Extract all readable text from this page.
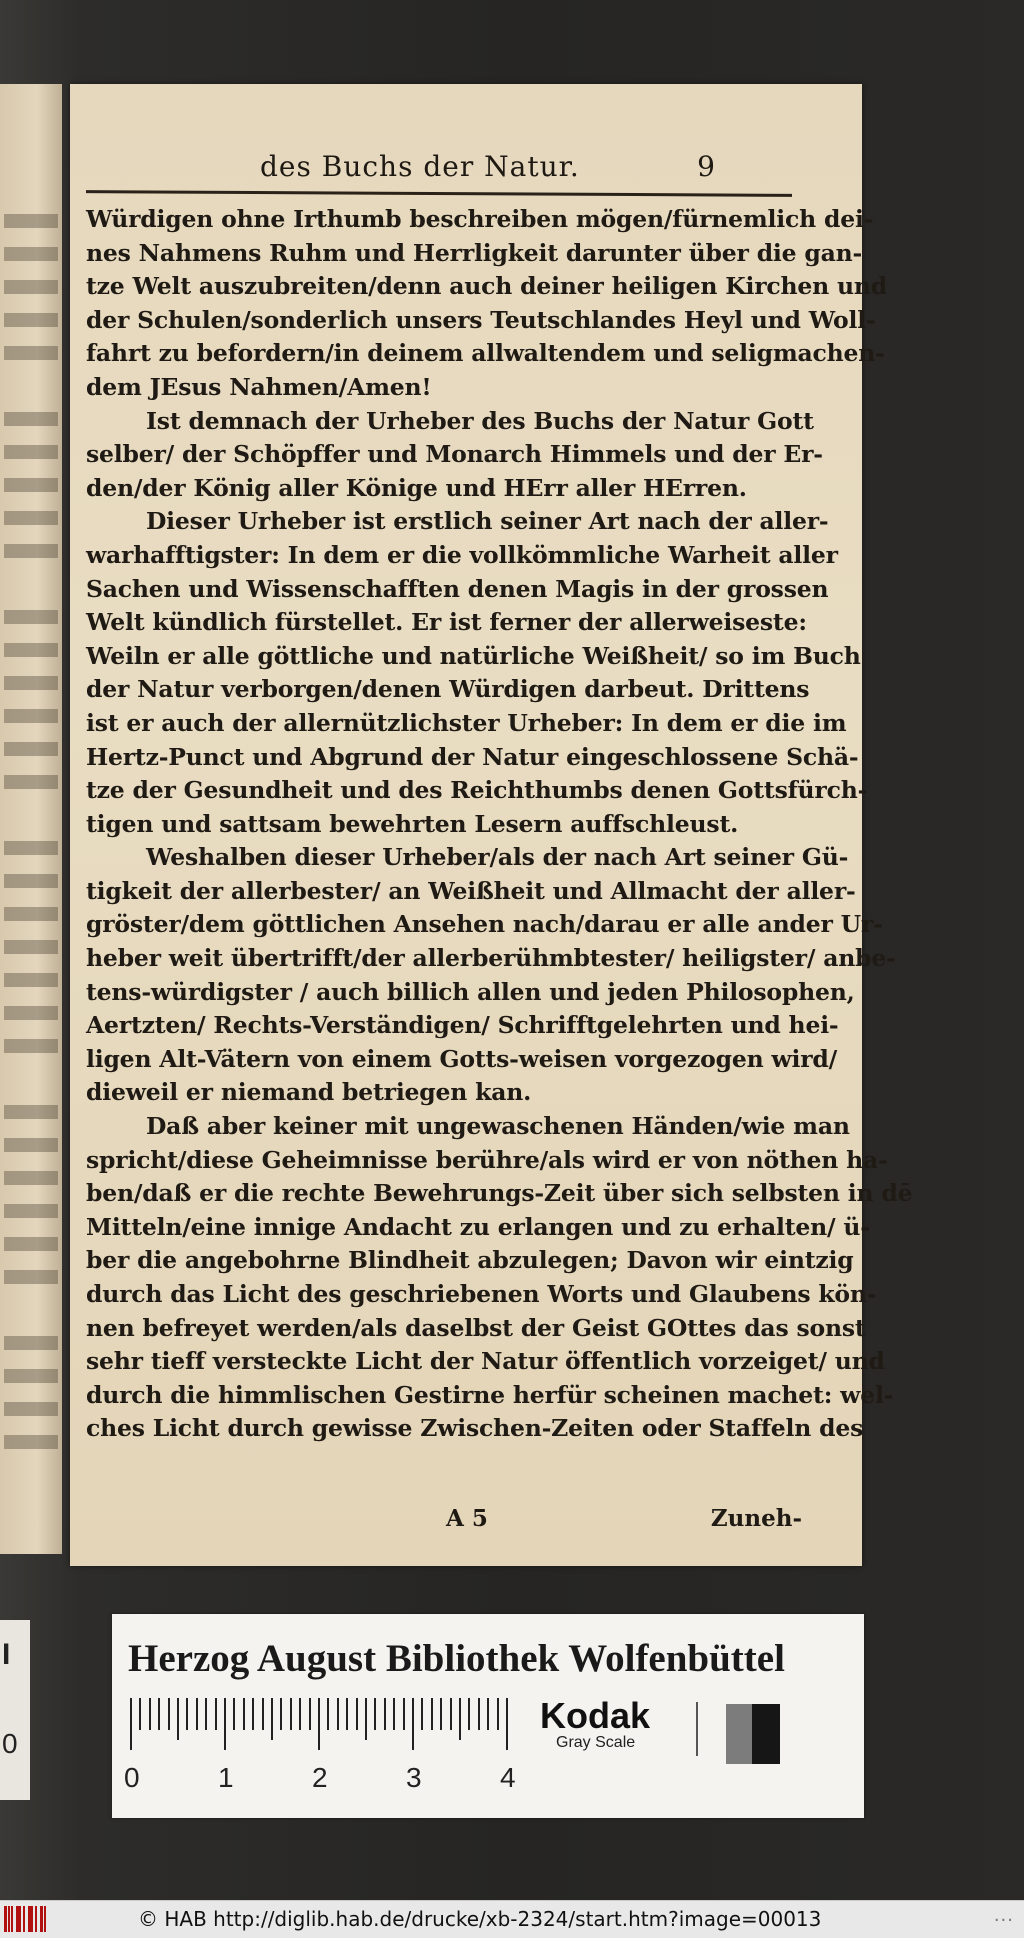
I
0
des Buchs der Natur.	9
Würdigen ohne Irthumb beschreiben mögen/fürnemlich dei-
nes Nahmens Ruhm und Herrligkeit darunter über die gan-
tze Welt auszubreiten/denn auch deiner heiligen Kirchen und
der Schulen/sonderlich unsers Teutschlandes Heyl und Woll-
fahrt zu befordern/in deinem allwaltendem und seligmachen-
dem JEsus Nahmen/Amen!
Ist demnach der Urheber des Buchs der Natur Gott
selber/ der Schöpffer und Monarch Himmels und der Er-
den/der König aller Könige und HErr aller HErren.
Dieser Urheber ist erstlich seiner Art nach der aller-
warhafftigster: In dem er die vollkömmliche Warheit aller
Sachen und Wissenschafften denen Magis in der grossen
Welt kündlich fürstellet. Er ist ferner der allerweiseste:
Weiln er alle göttliche und natürliche Weißheit/ so im Buch
der Natur verborgen/denen Würdigen darbeut. Drittens
ist er auch der allernützlichster Urheber: In dem er die im
Hertz-Punct und Abgrund der Natur eingeschlossene Schä-
tze der Gesundheit und des Reichthumbs denen Gottsfürch-
tigen und sattsam bewehrten Lesern auffschleust.
Weshalben dieser Urheber/als der nach Art seiner Gü-
tigkeit der allerbester/ an Weißheit und Allmacht der aller-
gröster/dem göttlichen Ansehen nach/darau er alle ander Ur-
heber weit übertrifft/der allerberühmbtester/ heiligster/ anbe-
tens-würdigster / auch billich allen und jeden Philosophen,
Aertzten/ Rechts-Verständigen/ Schrifftgelehrten und hei-
ligen Alt-Vätern von einem Gotts-weisen vorgezogen wird/
dieweil er niemand betriegen kan.
Daß aber keiner mit ungewaschenen Händen/wie man
spricht/diese Geheimnisse berühre/als wird er von nöthen ha-
ben/daß er die rechte Bewehrungs-Zeit über sich selbsten in dē
Mitteln/eine innige Andacht zu erlangen und zu erhalten/ ü-
ber die angebohrne Blindheit abzulegen; Davon wir eintzig
durch das Licht des geschriebenen Worts und Glaubens kön-
nen befreyet werden/als daselbst der Geist GOttes das sonst
sehr tieff versteckte Licht der Natur öffentlich vorzeiget/ und
durch die himmlischen Gestirne herfür scheinen machet: wel-
ches Licht durch gewisse Zwischen-Zeiten oder Staffeln des
A 5	Zuneh-
Herzog August Bibliothek Wolfenbüttel
0	1	2	3	4
Kodak
Gray Scale
© HAB http://diglib.hab.de/drucke/xb-2324/start.htm?image=00013	...
